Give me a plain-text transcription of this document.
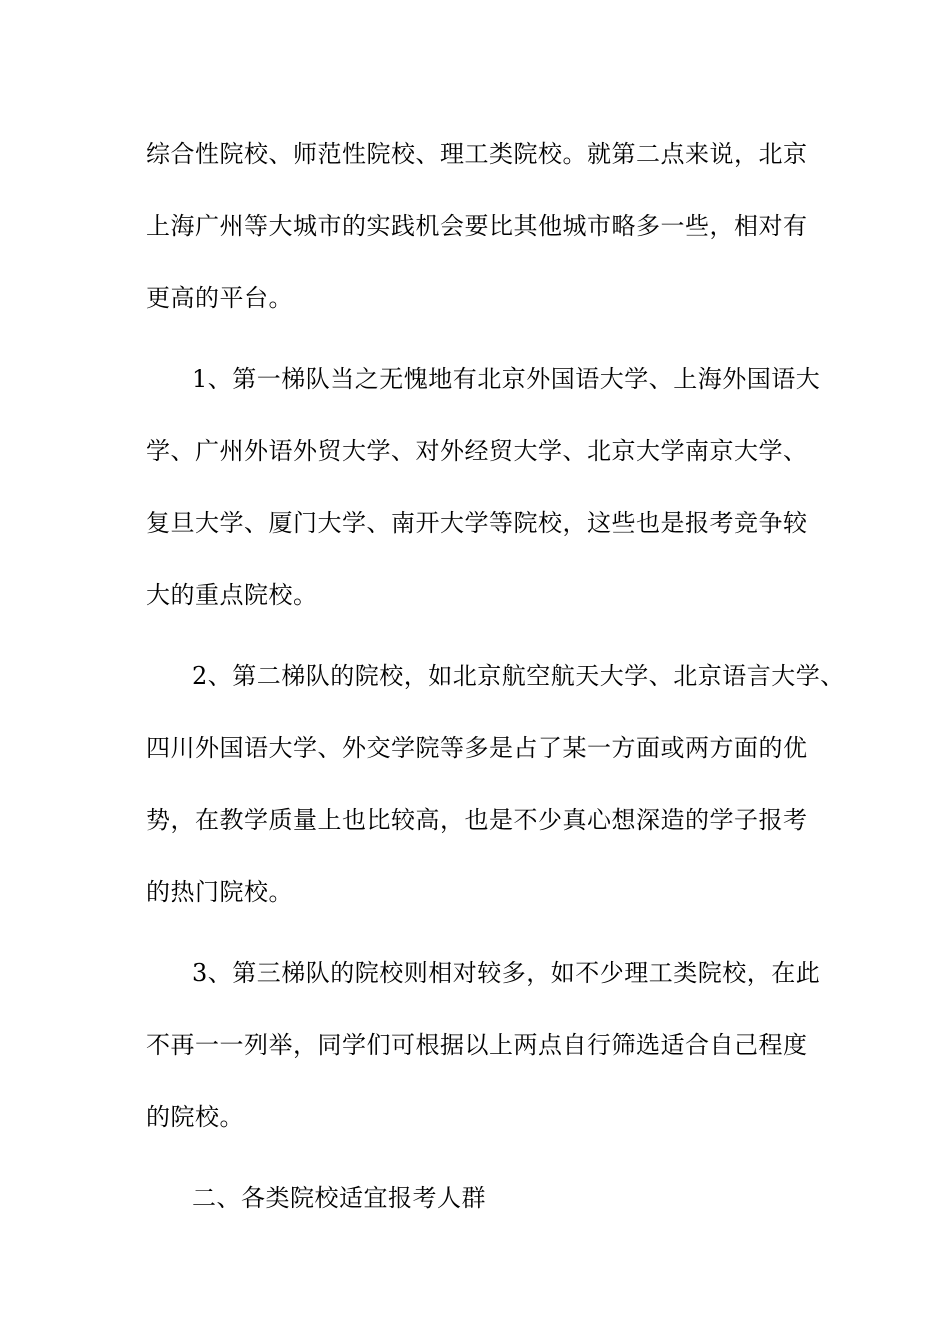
综合性院校、师范性院校、理工类院校。就第二点来说，北京
上海广州等大城市的实践机会要比其他城市略多一些，相对有
更高的平台。
1、第一梯队当之无愧地有北京外国语大学、上海外国语大
学、广州外语外贸大学、对外经贸大学、北京大学南京大学、
复旦大学、厦门大学、南开大学等院校，这些也是报考竞争较
大的重点院校。
2、第二梯队的院校，如北京航空航天大学、北京语言大学、
四川外国语大学、外交学院等多是占了某一方面或两方面的优
势，在教学质量上也比较高，也是不少真心想深造的学子报考
的热门院校。
3、第三梯队的院校则相对较多，如不少理工类院校，在此
不再一一列举，同学们可根据以上两点自行筛选适合自己程度
的院校。
二、各类院校适宜报考人群
